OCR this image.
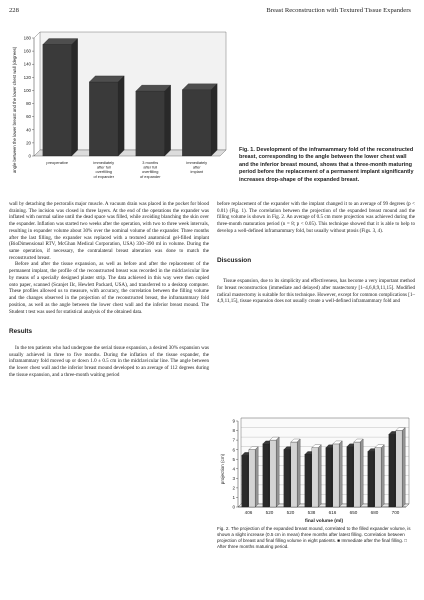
228	Breast Reconstruction with Textured Tissue Expanders
angle between the lower breast and the lower chest wall (degrees)	0
20
40
60
80
100
120
140
160
180
preoperative	immediately after full overfilling of expander
3 months after full overfilling of expander
immediately after implant
Fig. 1. Development of the inframammary fold of the reconstructed breast, corresponding to the angle between the lower chest wall and the inferior breast mound, shows that a three-month maturing period before the replacement of a permanent implant significantly increases drop-shape of the expanded breast.

wall by detaching the pectoralis major muscle. A vacuum drain was placed in the pocket for blood draining. The incision was closed in three layers. At the end of the operations the expander was inflated with normal saline until the dead space was filled, while avoiding blanching the skin over the expander. Inflation was started two weeks after the operation, with two to three week intervals, resulting in expander volume about 30% over the nominal volume of the expander. Three months after the last filling, the expander was replaced with a textured anatomical gel-filled implant (BioDimensional RTV, McGhan Medical Corporation, USA) 330–390 ml in volume. During the same operation, if necessary, the contralateral breast alteration was done to match the reconstructed breast.

Before and after the tissue expansion, as well as before and after the replacement of the permanent implant, the profile of the reconstructed breast was recorded in the midclavicular line by means of a specially designed plaster strip. The data achieved in this way were then copied onto paper, scanned (Scanjet IIc, Hewlett Packard, USA), and transferred to a desktop computer. These profiles allowed us to measure, with accuracy, the correlation between the filling volume and the changes observed in the projection of the reconstructed breast, the inframammary fold position, as well as the angle between the lower chest wall and the inferior breast mound. The Student t test was used for statistical analysis of the obtained data.

Results

In the ten patients who had undergone the serial tissue expansion, a desired 30% expansion was usually achieved in three to five months. During the inflation of the tissue expander, the inframammary fold moved up or down 1.0 ± 0.5 cm in the midclavicular line. The angle between the lower chest wall and the inferior breast mound developed to an average of 112 degrees during the tissue expansion, and a three-month waiting period

before replacement of the expander with the implant changed it to an average of 99 degrees (p < 0.01) (Fig. 1). The correlation between the projection of the expanded breast mound and the filling volume is shown in Fig. 2. An average of 0.5 cm more projection was achieved during the three-month maturation period (n = 8; p < 0.05). This technique showed that it is able to help to develop a well-defined inframammary fold, but usually without ptosis (Figs. 3, 4).

Discussion

Tissue expansion, due to its simplicity and effectiveness, has become a very important method for breast reconstruction (immediate and delayed) after mastectomy [1–4,6,8,9,11,15]. Modified radical mastectomy is suitable for this technique. However, except for common complications [1–4,9,11,15], tissue expansion does not usually create a well-defined inframammary fold and

projection (cm)
0
1
2
3
4
5
6
7
8
9
406	520	520	538	616	650	680	700
final volume (ml)
Fig. 2. The projection of the expanded breast mound, correlated to the filled expander volume, is shown a slight increase (0.5 cm in mean) three months after latest filling. Correlation between projection of breast and final filling volume in eight patients. ■ Immediate after the final filling. □ After three months maturing period.
